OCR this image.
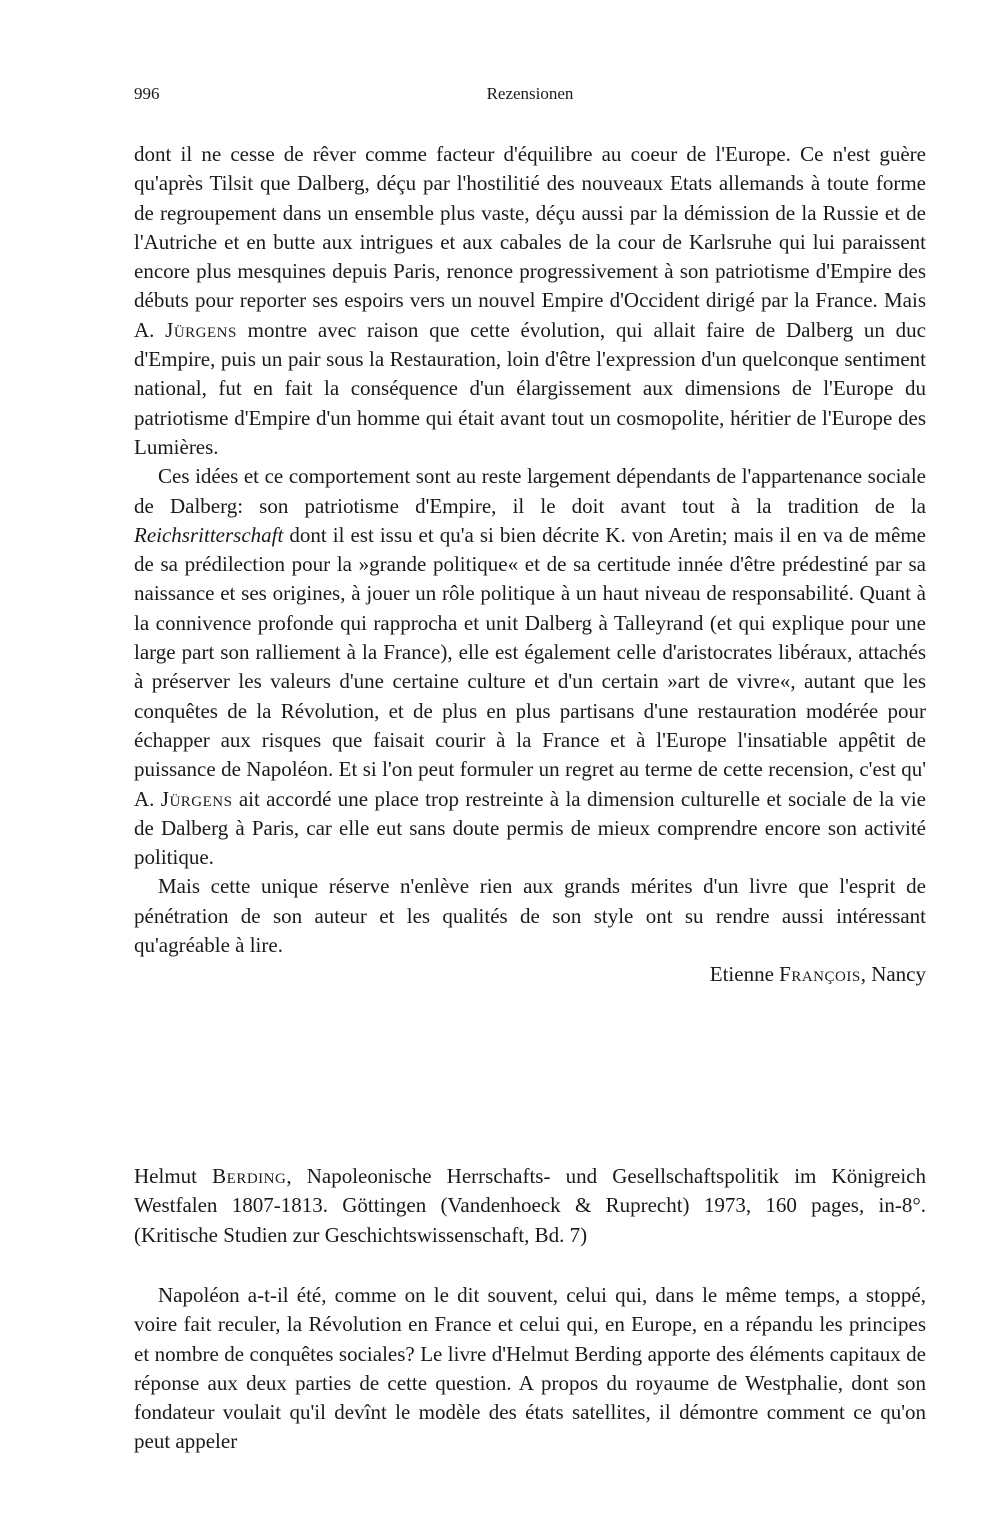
996	Rezensionen

dont il ne cesse de rêver comme facteur d'équilibre au coeur de l'Europe. Ce n'est guère qu'après Tilsit que Dalberg, déçu par l'hostilitié des nouveaux Etats allemands à toute forme de regroupement dans un ensemble plus vaste, déçu aussi par la démission de la Russie et de l'Autriche et en butte aux intrigues et aux cabales de la cour de Karlsruhe qui lui paraissent encore plus mesquines depuis Paris, renonce progressivement à son patriotisme d'Empire des débuts pour reporter ses espoirs vers un nouvel Empire d'Occident dirigé par la France. Mais A. Jürgens montre avec raison que cette évolution, qui allait faire de Dalberg un duc d'Empire, puis un pair sous la Restauration, loin d'être l'expression d'un quelconque sentiment national, fut en fait la conséquence d'un élargissement aux dimensions de l'Europe du patriotisme d'Empire d'un homme qui était avant tout un cosmopolite, héritier de l'Europe des Lumières.

Ces idées et ce comportement sont au reste largement dépendants de l'appartenance sociale de Dalberg: son patriotisme d'Empire, il le doit avant tout à la tradition de la Reichsritterschaft dont il est issu et qu'a si bien décrite K. von Aretin; mais il en va de même de sa prédilection pour la »grande politique« et de sa certitude innée d'être prédestiné par sa naissance et ses origines, à jouer un rôle politique à un haut niveau de responsabilité. Quant à la connivence profonde qui rapprocha et unit Dalberg à Talleyrand (et qui explique pour une large part son ralliement à la France), elle est également celle d'aristocrates libéraux, attachés à préserver les valeurs d'une certaine culture et d'un certain »art de vivre«, autant que les conquêtes de la Révolution, et de plus en plus partisans d'une restauration modérée pour échapper aux risques que faisait courir à la France et à l'Europe l'insatiable appêtit de puissance de Napoléon. Et si l'on peut formuler un regret au terme de cette recension, c'est qu' A. Jürgens ait accordé une place trop restreinte à la dimension culturelle et sociale de la vie de Dalberg à Paris, car elle eut sans doute permis de mieux comprendre encore son activité politique.

Mais cette unique réserve n'enlève rien aux grands mérites d'un livre que l'esprit de pénétration de son auteur et les qualités de son style ont su rendre aussi intéressant qu'agréable à lire.

Etienne François, Nancy

Helmut Berding, Napoleonische Herrschafts- und Gesellschaftspolitik im Königreich Westfalen 1807-1813. Göttingen (Vandenhoeck & Ruprecht) 1973, 160 pages, in-8°. (Kritische Studien zur Geschichtswissenschaft, Bd. 7)

Napoléon a-t-il été, comme on le dit souvent, celui qui, dans le même temps, a stoppé, voire fait reculer, la Révolution en France et celui qui, en Europe, en a répandu les principes et nombre de conquêtes sociales? Le livre d'Helmut Berding apporte des éléments capitaux de réponse aux deux parties de cette question. A propos du royaume de Westphalie, dont son fondateur voulait qu'il devînt le modèle des états satellites, il démontre comment ce qu'on peut appeler
